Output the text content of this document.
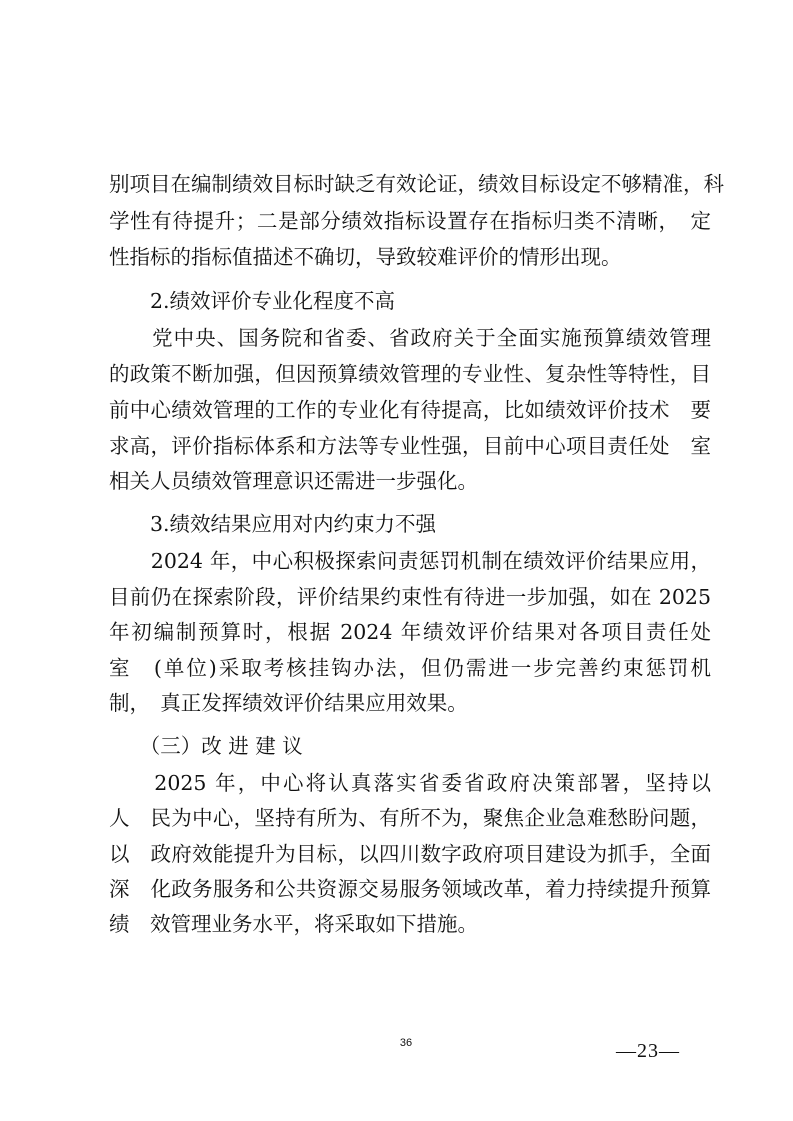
别项目在编制绩效目标时缺乏有效论证，绩效目标设定不够精准，科
学性有待提升；二是部分绩效指标设置存在指标归类不清晰，　定
性指标的指标值描述不确切，导致较难评价的情形出现。
　　2.绩效评价专业化程度不高
　　党中央、国务院和省委、省政府关于全面实施预算绩效管理
的政策不断加强，但因预算绩效管理的专业性、复杂性等特性，目
前中心绩效管理的工作的专业化有待提高，比如绩效评价技术　要
求高，评价指标体系和方法等专业性强，目前中心项目责任处　室
相关人员绩效管理意识还需进一步强化。
　　3.绩效结果应用对内约束力不强
　　2024 年，中心积极探索问责惩罚机制在绩效评价结果应用，
目前仍在探索阶段，评价结果约束性有待进一步加强，如在 2025
年初编制预算时，根据 2024 年绩效评价结果对各项目责任处
室　(单位)采取考核挂钩办法，但仍需进一步完善约束惩罚机
制，　真正发挥绩效评价结果应用效果。
　　（三）改 进 建 议
　　2025 年，中心将认真落实省委省政府决策部署，坚持以
人　民为中心，坚持有所为、有所不为，聚焦企业急难愁盼问题，
以　政府效能提升为目标，以四川数字政府项目建设为抓手，全面
深　化政务服务和公共资源交易服务领域改革，着力持续提升预算
绩　效管理业务水平，将采取如下措施。
36	—23—
